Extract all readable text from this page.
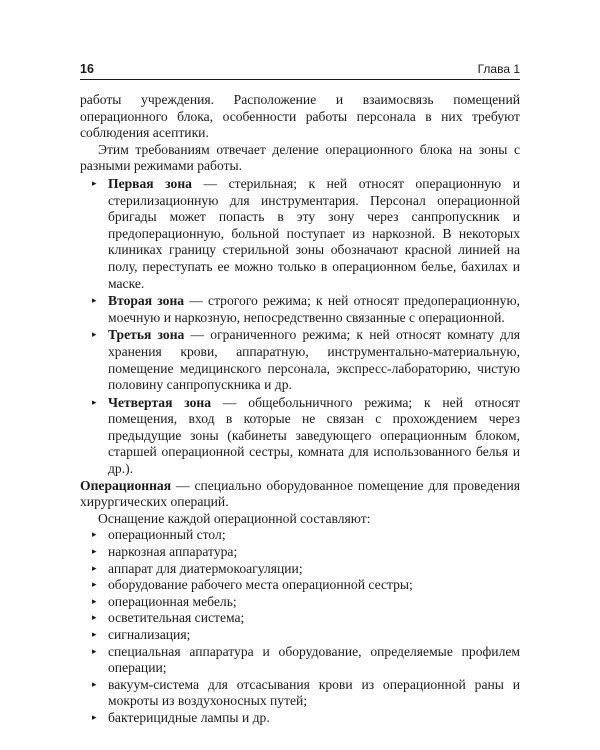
16	Глава 1

работы учреждения. Расположение и взаимосвязь помещений операционного блока, особенности работы персонала в них требуют соблюдения асептики.

Этим требованиям отвечает деление операционного блока на зоны с разными режимами работы.

▸ Первая зона — стерильная; к ней относят операционную и стерилизационную для инструментария. Персонал операционной бригады может попасть в эту зону через санпропускник и предоперационную, больной поступает из наркозной. В некоторых клиниках границу стерильной зоны обозначают красной линией на полу, переступать ее можно только в операционном белье, бахилах и маске.
▸ Вторая зона — строгого режима; к ней относят предоперационную, моечную и наркозную, непосредственно связанные с операционной.
▸ Третья зона — ограниченного режима; к ней относят комнату для хранения крови, аппаратную, инструментально-материальную, помещение медицинского персонала, экспресс-лабораторию, чистую половину санпропускника и др.
▸ Четвертая зона — общебольничного режима; к ней относят помещения, вход в которые не связан с прохождением через предыдущие зоны (кабинеты заведующего операционным блоком, старшей операционной сестры, комната для использованного белья и др.).

Операционная — специально оборудованное помещение для проведения хирургических операций.

Оснащение каждой операционной составляют:

▸ операционный стол;
▸ наркозная аппаратура;
▸ аппарат для диатермокоагуляции;
▸ оборудование рабочего места операционной сестры;
▸ операционная мебель;
▸ осветительная система;
▸ сигнализация;
▸ специальная аппаратура и оборудование, определяемые профилем операции;
▸ вакуум-система для отсасывания крови из операционной раны и мокроты из воздухоносных путей;
▸ бактерицидные лампы и др.
